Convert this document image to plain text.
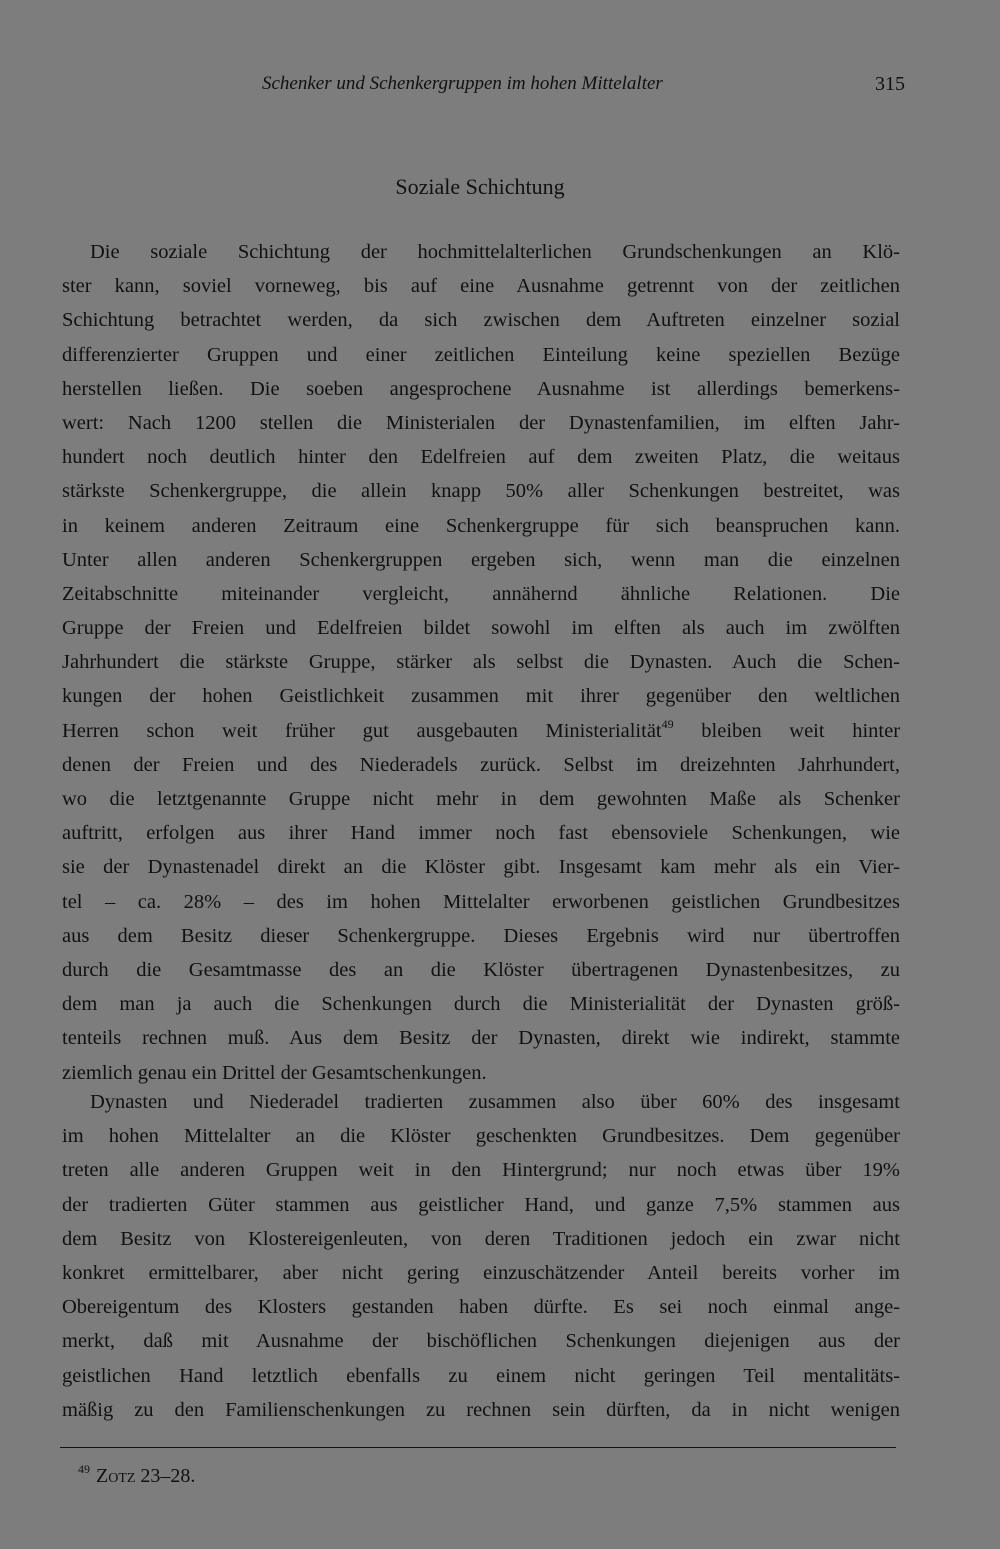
Schenker und Schenkergruppen im hohen Mittelalter	315
Soziale Schichtung

Die soziale Schichtung der hochmittelalterlichen Grundschenkungen an Klö-
ster kann, soviel vorneweg, bis auf eine Ausnahme getrennt von der zeitlichen
Schichtung betrachtet werden, da sich zwischen dem Auftreten einzelner sozial
differenzierter Gruppen und einer zeitlichen Einteilung keine speziellen Bezüge
herstellen ließen. Die soeben angesprochene Ausnahme ist allerdings bemerkens-
wert: Nach 1200 stellen die Ministerialen der Dynastenfamilien, im elften Jahr-
hundert noch deutlich hinter den Edelfreien auf dem zweiten Platz, die weitaus
stärkste Schenkergruppe, die allein knapp 50% aller Schenkungen bestreitet, was
in keinem anderen Zeitraum eine Schenkergruppe für sich beanspruchen kann.
Unter allen anderen Schenkergruppen ergeben sich, wenn man die einzelnen
Zeitabschnitte miteinander vergleicht, annähernd ähnliche Relationen. Die
Gruppe der Freien und Edelfreien bildet sowohl im elften als auch im zwölften
Jahrhundert die stärkste Gruppe, stärker als selbst die Dynasten. Auch die Schen-
kungen der hohen Geistlichkeit zusammen mit ihrer gegenüber den weltlichen
Herren schon weit früher gut ausgebauten Ministerialität$^{49}$ bleiben weit hinter
denen der Freien und des Niederadels zurück. Selbst im dreizehnten Jahrhundert,
wo die letztgenannte Gruppe nicht mehr in dem gewohnten Maße als Schenker
auftritt, erfolgen aus ihrer Hand immer noch fast ebensoviele Schenkungen, wie
sie der Dynastenadel direkt an die Klöster gibt. Insgesamt kam mehr als ein Vier-
tel – ca. 28% – des im hohen Mittelalter erworbenen geistlichen Grundbesitzes
aus dem Besitz dieser Schenkergruppe. Dieses Ergebnis wird nur übertroffen
durch die Gesamtmasse des an die Klöster übertragenen Dynastenbesitzes, zu
dem man ja auch die Schenkungen durch die Ministerialität der Dynasten größ-
tenteils rechnen muß. Aus dem Besitz der Dynasten, direkt wie indirekt, stammte
ziemlich genau ein Drittel der Gesamtschenkungen.

Dynasten und Niederadel tradierten zusammen also über 60% des insgesamt
im hohen Mittelalter an die Klöster geschenkten Grundbesitzes. Dem gegenüber
treten alle anderen Gruppen weit in den Hintergrund; nur noch etwas über 19%
der tradierten Güter stammen aus geistlicher Hand, und ganze 7,5% stammen aus
dem Besitz von Klostereigenleuten, von deren Traditionen jedoch ein zwar nicht
konkret ermittelbarer, aber nicht gering einzuschätzender Anteil bereits vorher im
Obereigentum des Klosters gestanden haben dürfte. Es sei noch einmal ange-
merkt, daß mit Ausnahme der bischöflichen Schenkungen diejenigen aus der
geistlichen Hand letztlich ebenfalls zu einem nicht geringen Teil mentalitäts-
mäßig zu den Familienschenkungen zu rechnen sein dürften, da in nicht wenigen

$^{49}$ Zotz 23–28.
